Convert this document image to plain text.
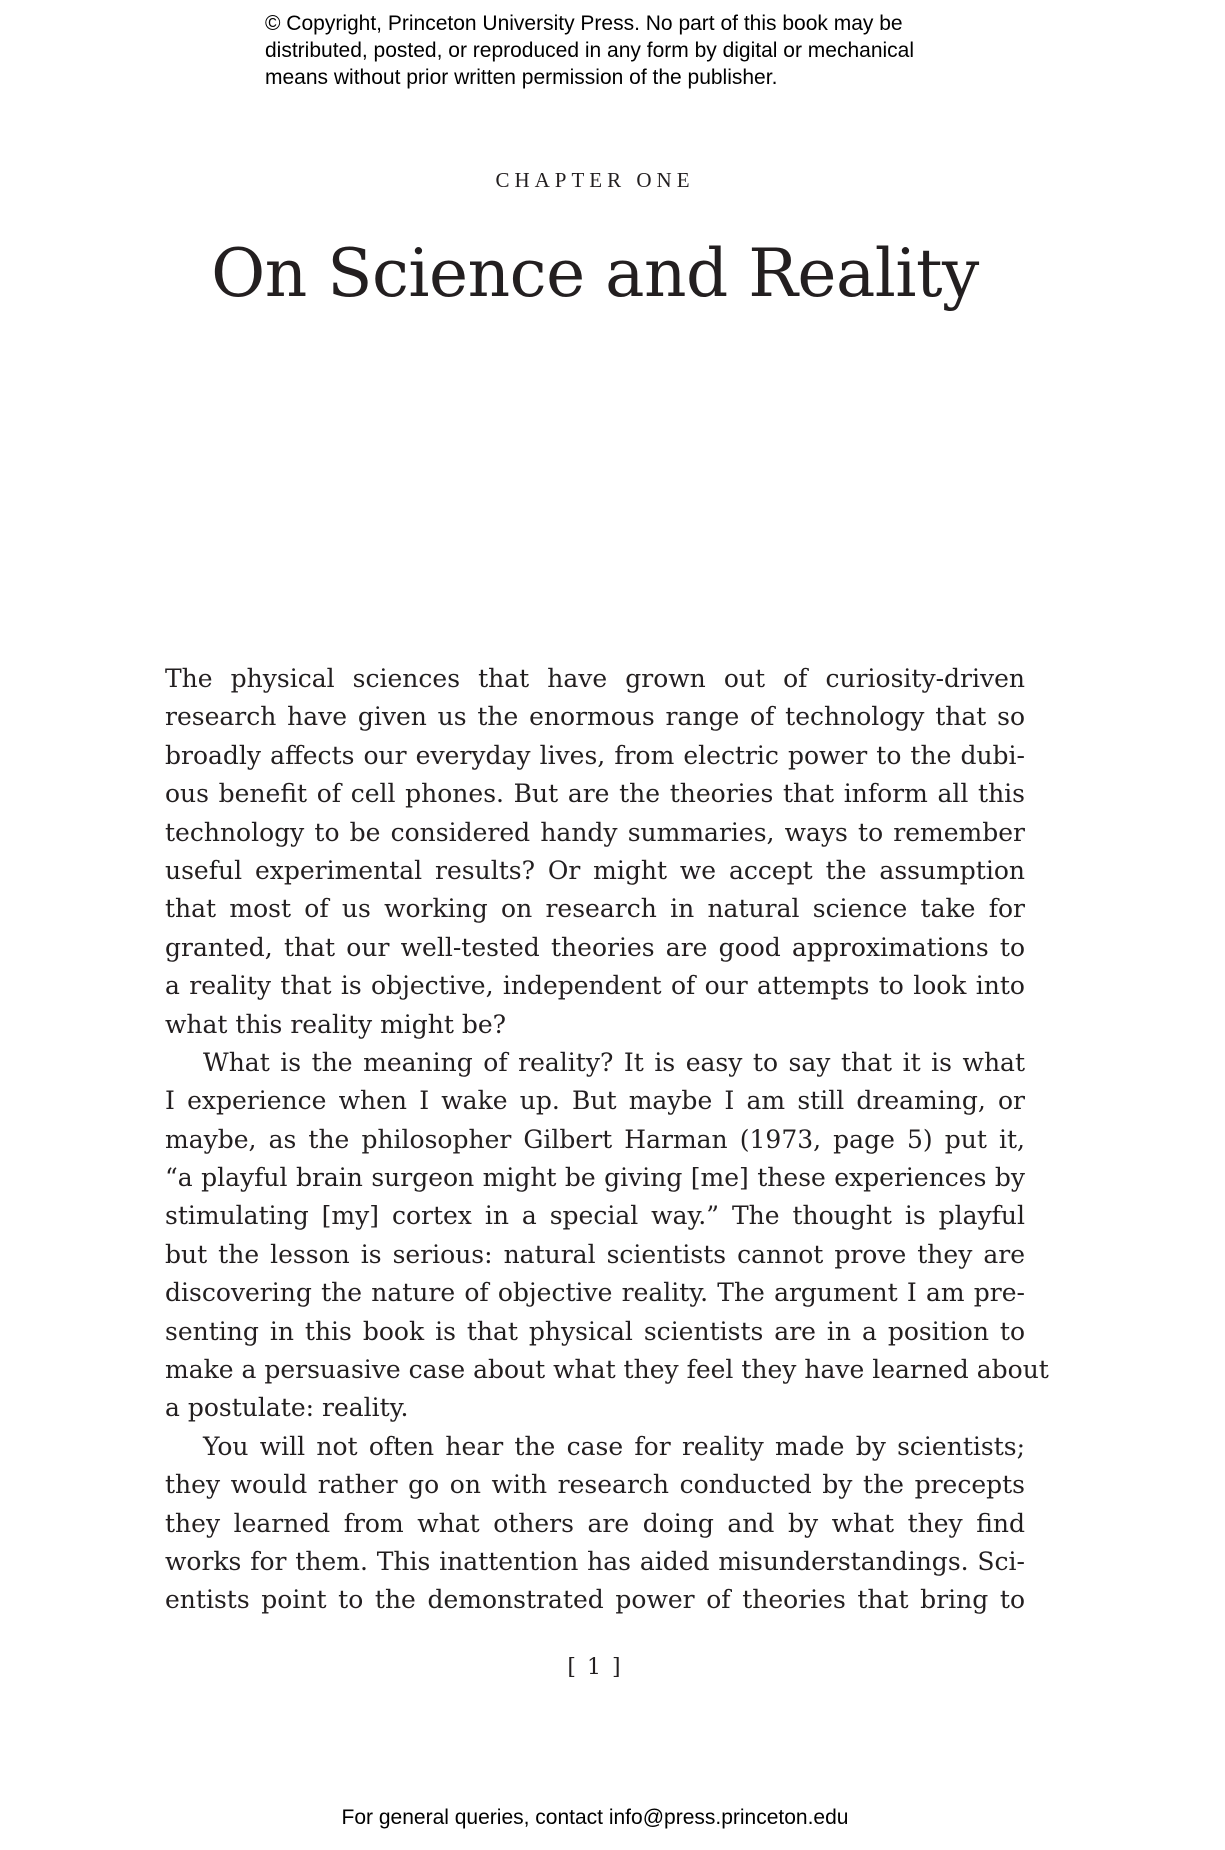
© Copyright, Princeton University Press. No part of this book may be
distributed, posted, or reproduced in any form by digital or mechanical
means without prior written permission of the publisher.
CHAPTER ONE
On Science and Reality

The physical sciences that have grown out of curiosity-driven
research have given us the enormous range of technology that so
broadly affects our everyday lives, from electric power to the dubi-
ous benefit of cell phones. But are the theories that inform all this
technology to be considered handy summaries, ways to remember
useful experimental results? Or might we accept the assumption
that most of us working on research in natural science take for
granted, that our well-tested theories are good approximations to
a reality that is objective, independent of our attempts to look into
what this reality might be?

What is the meaning of reality? It is easy to say that it is what
I experience when I wake up. But maybe I am still dreaming, or
maybe, as the philosopher Gilbert Harman (1973, page 5) put it,
“a playful brain surgeon might be giving [me] these experiences by
stimulating [my] cortex in a special way.” The thought is playful
but the lesson is serious: natural scientists cannot prove they are
discovering the nature of objective reality. The argument I am pre-
senting in this book is that physical scientists are in a position to
make a persuasive case about what they feel they have learned about
a postulate: reality.

You will not often hear the case for reality made by scientists;
they would rather go on with research conducted by the precepts
they learned from what others are doing and by what they find
works for them. This inattention has aided misunderstandings. Sci-
entists point to the demonstrated power of theories that bring to

[ 1 ]
For general queries, contact info@press.princeton.edu
